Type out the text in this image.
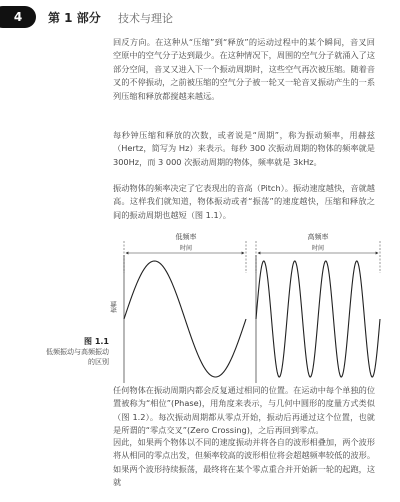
4	第 1 部分 技术与理论

回反方向。在这种从“压缩”到“释放”的运动过程中的某个瞬间，音叉回空原中的空气分子达到最少。在这种情况下，周围的空气分子就涌入了这部分空间，音叉又进入下一个振动周期时，这些空气再次被压缩。随着音叉的不停振动，之前被压缩的空气分子被一轮又一轮音叉振动产生的一系列压缩和释放都搅越来越远。

每秒钟压缩和释放的次数，或者说是“周期”，称为振动频率，用赫兹（Hertz，简写为 Hz）来表示。每秒 300 次振动周期的物体的频率就是 300Hz，而 3 000 次振动周期的物体，频率就是 3kHz。

振动物体的频率决定了它表现出的音高（Pitch）。振动速度越快，音就越高。这样我们就知道，物体振动或者“振荡”的速度越快，压缩和释放之间的振动周期也越短（图 1.1）。

低频率
时间
振幅
高频率
时间
图 1.1
低频振动与高频振动
的区别

任何物体在振动周期内都会反复通过相同的位置。在运动中每个单独的位置被称为“相位”(Phase)，用角度来表示，与几何中圆形的度量方式类似（图 1.2）。每次振动周期都从零点开始，振动后再通过这个位置，也就是所谓的“零点交叉”(Zero Crossing)，之后再回到零点。

因此，如果两个物体以不同的速度振动并将各自的波形相叠加，两个波形将从相同的零点出发，但频率较高的波形相位将会超越频率较低的波形。如果两个波形持续振荡，最终将在某个零点重合并开始新一轮的起跑，这就
